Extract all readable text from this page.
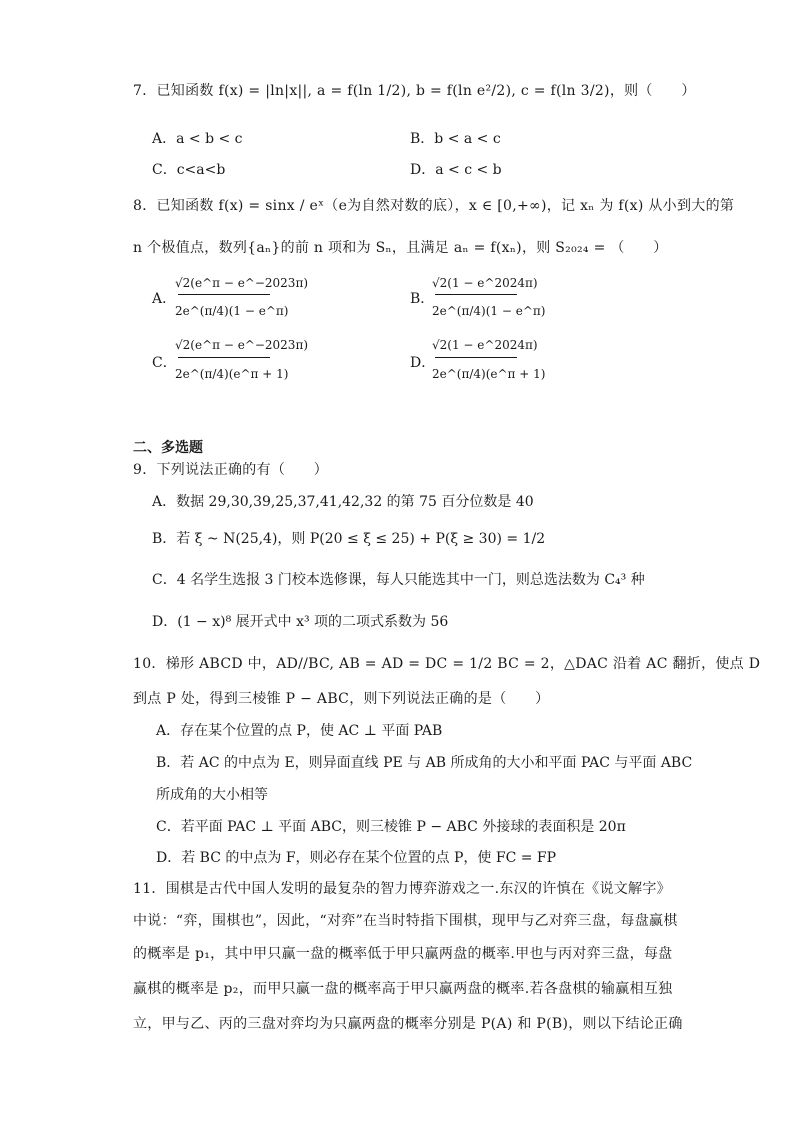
7．已知函数 f(x) = |ln|x||, a = f(ln 1/2), b = f(ln e²/2), c = f(ln 3/2)，则（　　）
A．a < b < c	B．b < a < c
C．c<a<b	D．a < c < b
8．已知函数 f(x) = sinx / eˣ（e为自然对数的底），x ∈ [0,+∞)，记 xₙ 为 f(x) 从小到大的第
n 个极值点，数列{aₙ}的前 n 项和为 Sₙ，且满足 aₙ = f(xₙ)，则 S₂₀₂₄ = （　　）
A．
√2(e^π − e^−2023π)
2e^(π/4)(1 − e^π)
B．
√2(1 − e^2024π)
2e^(π/4)(1 − e^π)
C．
√2(e^π − e^−2023π)
2e^(π/4)(e^π + 1)
D．
√2(1 − e^2024π)
2e^(π/4)(e^π + 1)
二、多选题
9．下列说法正确的有（　　）
A．数据 29,30,39,25,37,41,42,32 的第 75 百分位数是 40
B．若 ξ ~ N(25,4)，则 P(20 ≤ ξ ≤ 25) + P(ξ ≥ 30) = 1/2
C．4 名学生选报 3 门校本选修课，每人只能选其中一门，则总选法数为 C₄³ 种
D．(1 − x)⁸ 展开式中 x³ 项的二项式系数为 56
10．梯形 ABCD 中，AD//BC, AB = AD = DC = 1/2 BC = 2，△DAC 沿着 AC 翻折，使点 D
到点 P 处，得到三棱锥 P − ABC，则下列说法正确的是（　　）
A．存在某个位置的点 P，使 AC ⊥ 平面 PAB
B．若 AC 的中点为 E，则异面直线 PE 与 AB 所成角的大小和平面 PAC 与平面 ABC
所成角的大小相等
C．若平面 PAC ⊥ 平面 ABC，则三棱锥 P − ABC 外接球的表面积是 20π
D．若 BC 的中点为 F，则必存在某个位置的点 P，使 FC = FP
11．围棋是古代中国人发明的最复杂的智力博弈游戏之一.东汉的许慎在《说文解字》
中说：“弈，围棋也”，因此，“对弈”在当时特指下围棋，现甲与乙对弈三盘，每盘赢棋
的概率是 p₁，其中甲只赢一盘的概率低于甲只赢两盘的概率.甲也与丙对弈三盘，每盘
赢棋的概率是 p₂，而甲只赢一盘的概率高于甲只赢两盘的概率.若各盘棋的输赢相互独
立，甲与乙、丙的三盘对弈均为只赢两盘的概率分别是 P(A) 和 P(B)，则以下结论正确
